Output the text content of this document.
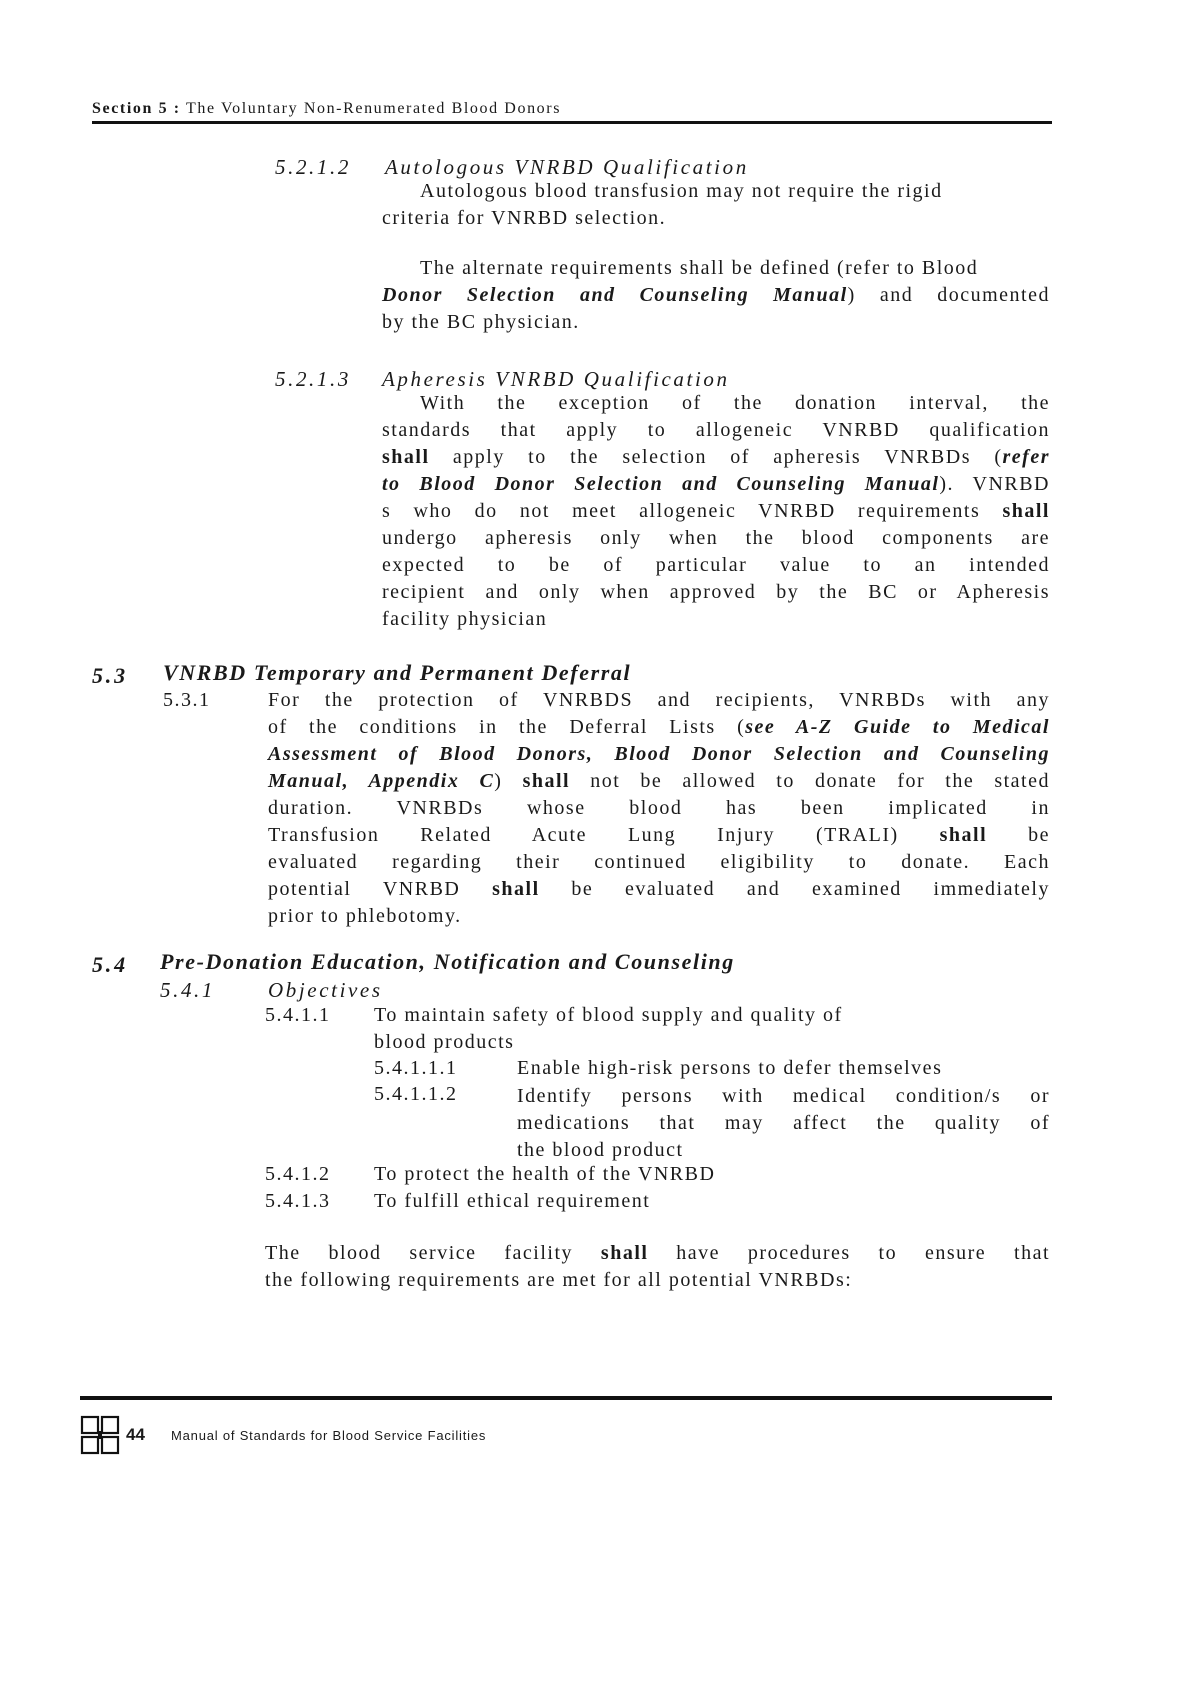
Section 5 : The Voluntary Non-Renumerated Blood Donors
5.2.1.2 Autologous VNRBD Qualification
Autologous blood transfusion may not require the rigid
criteria for VNRBD selection.
The alternate requirements shall be defined (refer to Blood
Donor Selection and Counseling Manual) and documented
by the BC physician.
5.2.1.3 Apheresis VNRBD Qualification
With the exception of the donation interval, the
standards that apply to allogeneic VNRBD qualification
shall apply to the selection of apheresis VNRBDs (refer
to Blood Donor Selection and Counseling Manual). VNRBD
s who do not meet allogeneic VNRBD requirements shall
undergo apheresis only when the blood components are
expected to be of particular value to an intended
recipient and only when approved by the BC or Apheresis
facility physician
5.3 VNRBD Temporary and Permanent Deferral
5.3.1	For the protection of VNRBDS and recipients, VNRBDs with any
of the conditions in the Deferral Lists (see A-Z Guide to Medical
Assessment of Blood Donors, Blood Donor Selection and Counseling
Manual, Appendix C) shall not be allowed to donate for the stated
duration. VNRBDs whose blood has been implicated in
Transfusion Related Acute Lung Injury (TRALI) shall be
evaluated regarding their continued eligibility to donate. Each
potential VNRBD shall be evaluated and examined immediately
prior to phlebotomy.
5.4 Pre-Donation Education, Notification and Counseling
5.4.1	Objectives
5.4.1.1 To maintain safety of blood supply and quality of
blood products
5.4.1.1.1	Enable high-risk persons to defer themselves
5.4.1.1.2	Identify persons with medical condition/s or
medications that may affect the quality of
the blood product
5.4.1.2 To protect the health of the VNRBD
5.4.1.3 To fulfill ethical requirement
The blood service facility shall have procedures to ensure that
the following requirements are met for all potential VNRBDs:
44 Manual of Standards for Blood Service Facilities
